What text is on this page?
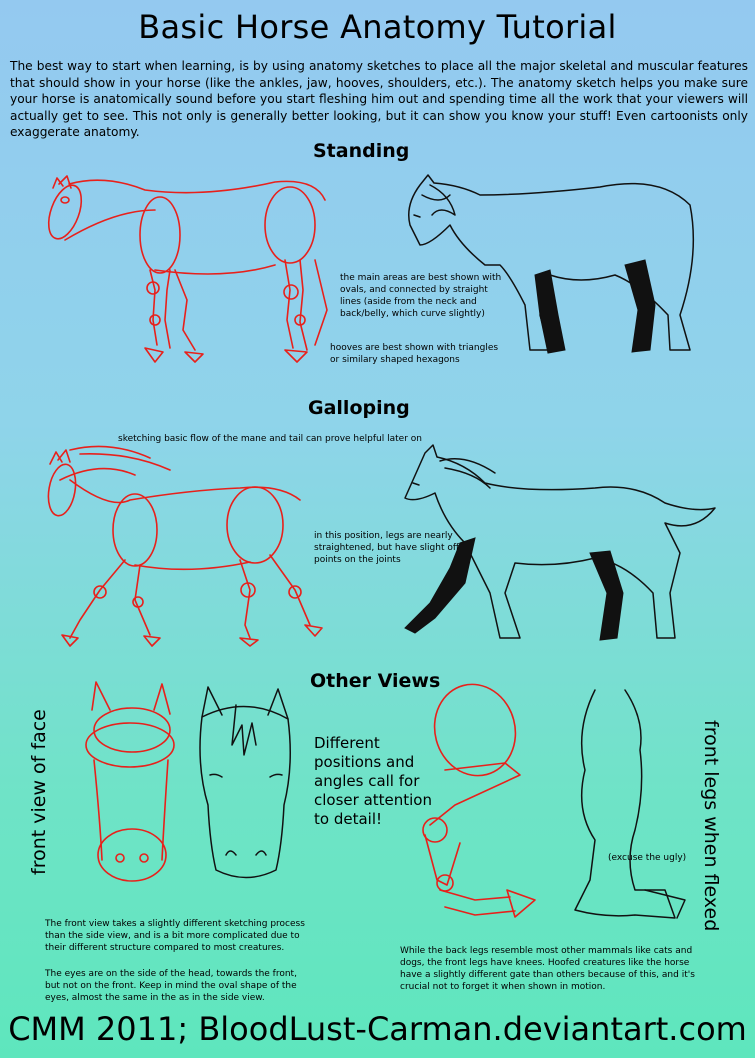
Basic Horse Anatomy Tutorial

The best way to start when learning, is by using anatomy sketches to place all the major skeletal and muscular features that should show in your horse (like the ankles, jaw, hooves, shoulders, etc.). The anatomy sketch helps you make sure your horse is anatomically sound before you start fleshing him out and spending time all the work that your viewers will actually get to see. This not only is generally better looking, but it can show you know your stuff! Even cartoonists only exaggerate anatomy.

Standing

the main areas are best shown with ovals, and connected by straight lines (aside from the neck and back/belly, which curve slightly)

hooves are best shown with triangles or similary shaped hexagons

Galloping

sketching basic flow of the mane and tail can prove helpful later on

in this position, legs are nearly straightened, but have slight off points on the joints

Other Views
front view of face	Different positions and angles call for closer attention to detail!

(excuse the ugly) front legs when flexed

The front view takes a slightly different sketching process than the side view, and is a bit more complicated due to their different structure compared to most creatures.

The eyes are on the side of the head, towards the front, but not on the front. Keep in mind the oval shape of the eyes, almost the same in the as in the side view.

While the back legs resemble most other mammals like cats and dogs, the front legs have knees. Hoofed creatures like the horse have a slightly different gate than others because of this, and it's crucial not to forget it when shown in motion.

CMM 2011; BloodLust-Carman.deviantart.com
